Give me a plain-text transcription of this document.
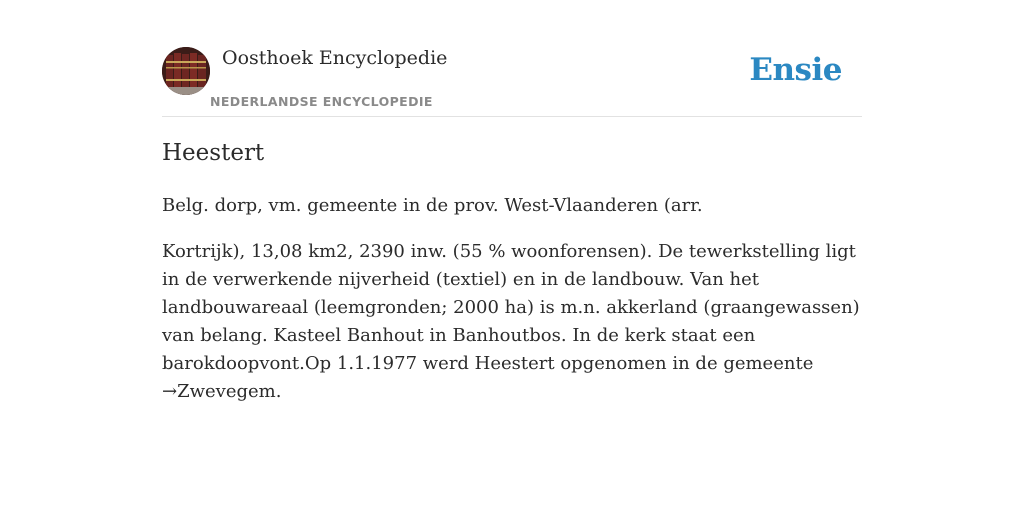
Oosthoek Encyclopedie
NEDERLANDSE ENCYCLOPEDIE
Ensie
Heestert

Belg. dorp, vm. gemeente in de prov. West-Vlaanderen (arr.

Kortrijk), 13,08 km2, 2390 inw. (55 % woonforensen). De tewerkstelling ligt in de verwerkende nijverheid (textiel) en in de landbouw. Van het landbouwareaal (leemgronden; 2000 ha) is m.n. akkerland (graangewassen) van belang. Kasteel Banhout in Banhoutbos. In de kerk staat een barokdoopvont.Op 1.1.1977 werd Heestert opgenomen in de gemeente →Zwevegem.
